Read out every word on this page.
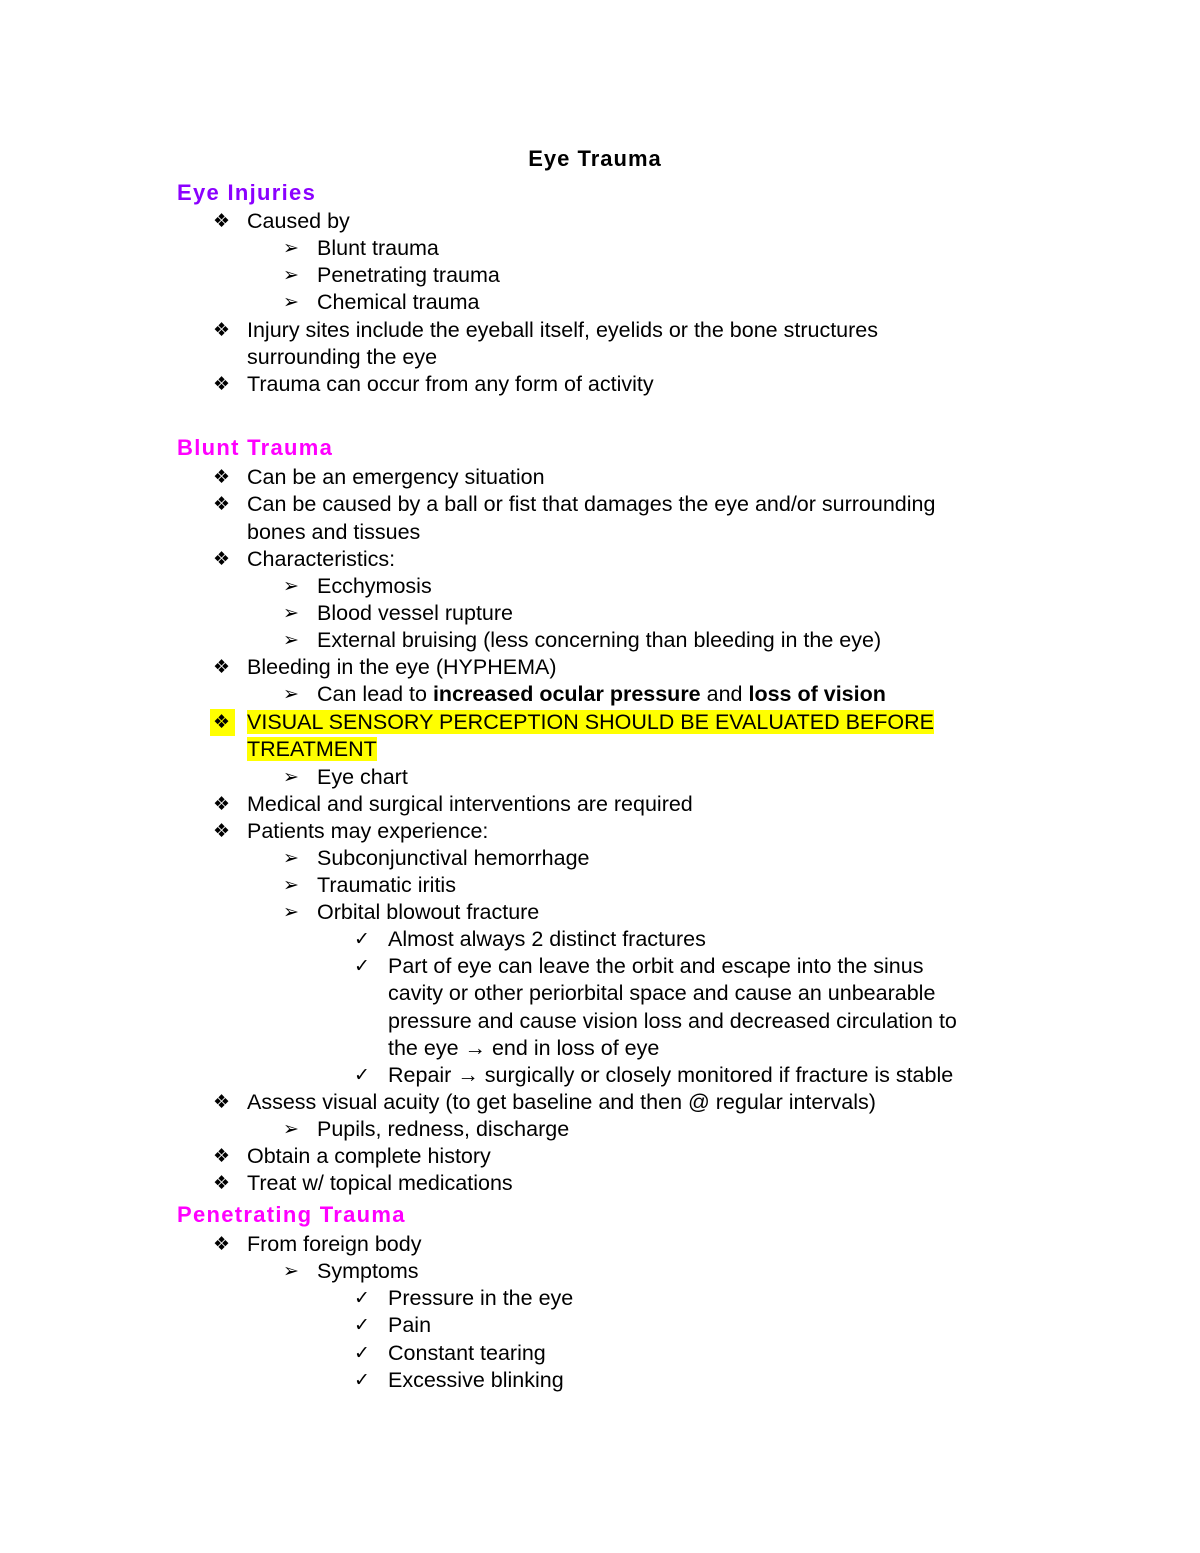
Eye Trauma
Eye Injuries
❖ Caused by
➢ Blunt trauma
➢ Penetrating trauma
➢ Chemical trauma
❖ Injury sites include the eyeball itself, eyelids or the bone structures
surrounding the eye
❖ Trauma can occur from any form of activity
Blunt Trauma
❖ Can be an emergency situation
❖ Can be caused by a ball or fist that damages the eye and/or surrounding
bones and tissues
❖ Characteristics:
➢ Ecchymosis
➢ Blood vessel rupture
➢ External bruising (less concerning than bleeding in the eye)
❖ Bleeding in the eye (HYPHEMA)
➢ Can lead to increased ocular pressure and loss of vision
❖ VISUAL SENSORY PERCEPTION SHOULD BE EVALUATED BEFORE
TREATMENT
➢ Eye chart
❖ Medical and surgical interventions are required
❖ Patients may experience:
➢ Subconjunctival hemorrhage
➢ Traumatic iritis
➢ Orbital blowout fracture
✓ Almost always 2 distinct fractures
✓ Part of eye can leave the orbit and escape into the sinus
cavity or other periorbital space and cause an unbearable
pressure and cause vision loss and decreased circulation to
the eye → end in loss of eye
✓ Repair → surgically or closely monitored if fracture is stable
❖ Assess visual acuity (to get baseline and then @ regular intervals)
➢ Pupils, redness, discharge
❖ Obtain a complete history
❖ Treat w/ topical medications
Penetrating Trauma
❖ From foreign body
➢ Symptoms
✓ Pressure in the eye
✓ Pain
✓ Constant tearing
✓ Excessive blinking
